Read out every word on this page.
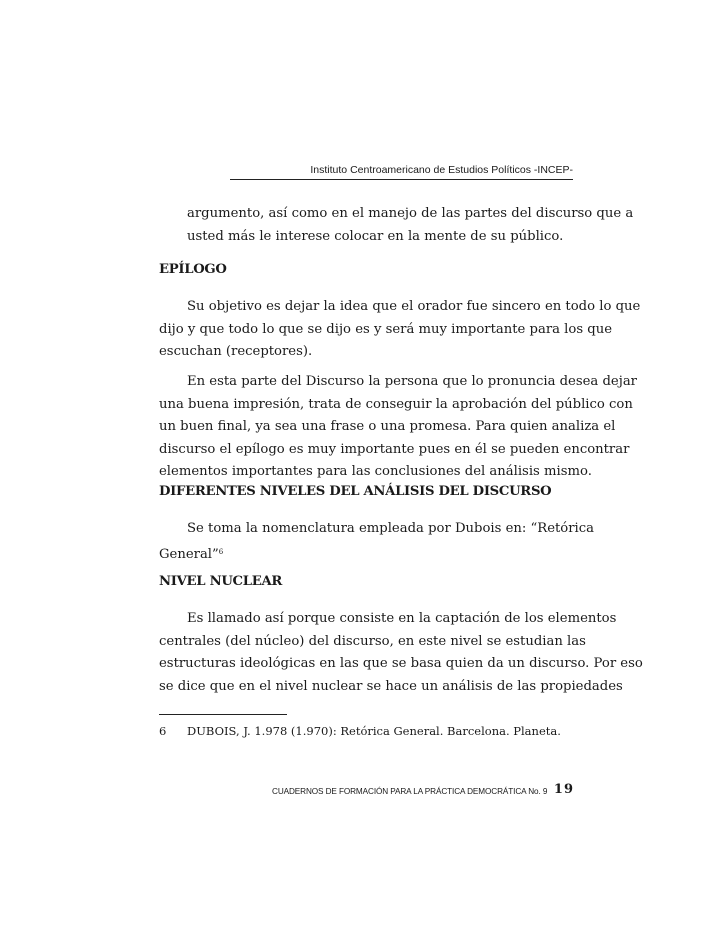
Instituto Centroamericano de Estudios Políticos -INCEP-
argumento, así como en el manejo de las partes del discurso que a
usted más le interese colocar en la mente de su público.
EPÍLOGO
Su objetivo es dejar la idea que el orador fue sincero en todo lo que
dijo y que todo lo que se dijo es y será muy importante para los que
escuchan (receptores).
En esta parte del Discurso la persona que lo pronuncia desea dejar
una buena impresión, trata de conseguir la aprobación del público con
un buen final, ya sea una frase o una promesa. Para quien analiza el
discurso el epílogo es muy importante pues en él se pueden encontrar
elementos importantes para las conclusiones del análisis mismo.
DIFERENTES NIVELES DEL ANÁLISIS DEL DISCURSO
Se toma la nomenclatura empleada por Dubois en: “Retórica
General”$^6$
NIVEL NUCLEAR
Es llamado así porque consiste en la captación de los elementos
centrales (del núcleo) del discurso, en este nivel se estudian las
estructuras ideológicas en las que se basa quien da un discurso. Por eso
se dice que en el nivel nuclear se hace un análisis de las propiedades
6 DUBOIS, J. 1.978 (1.970): Retórica General. Barcelona. Planeta.
CUADERNOS DE FORMACIÓN PARA LA PRÁCTICA DEMOCRÁTICA No. 9 19
